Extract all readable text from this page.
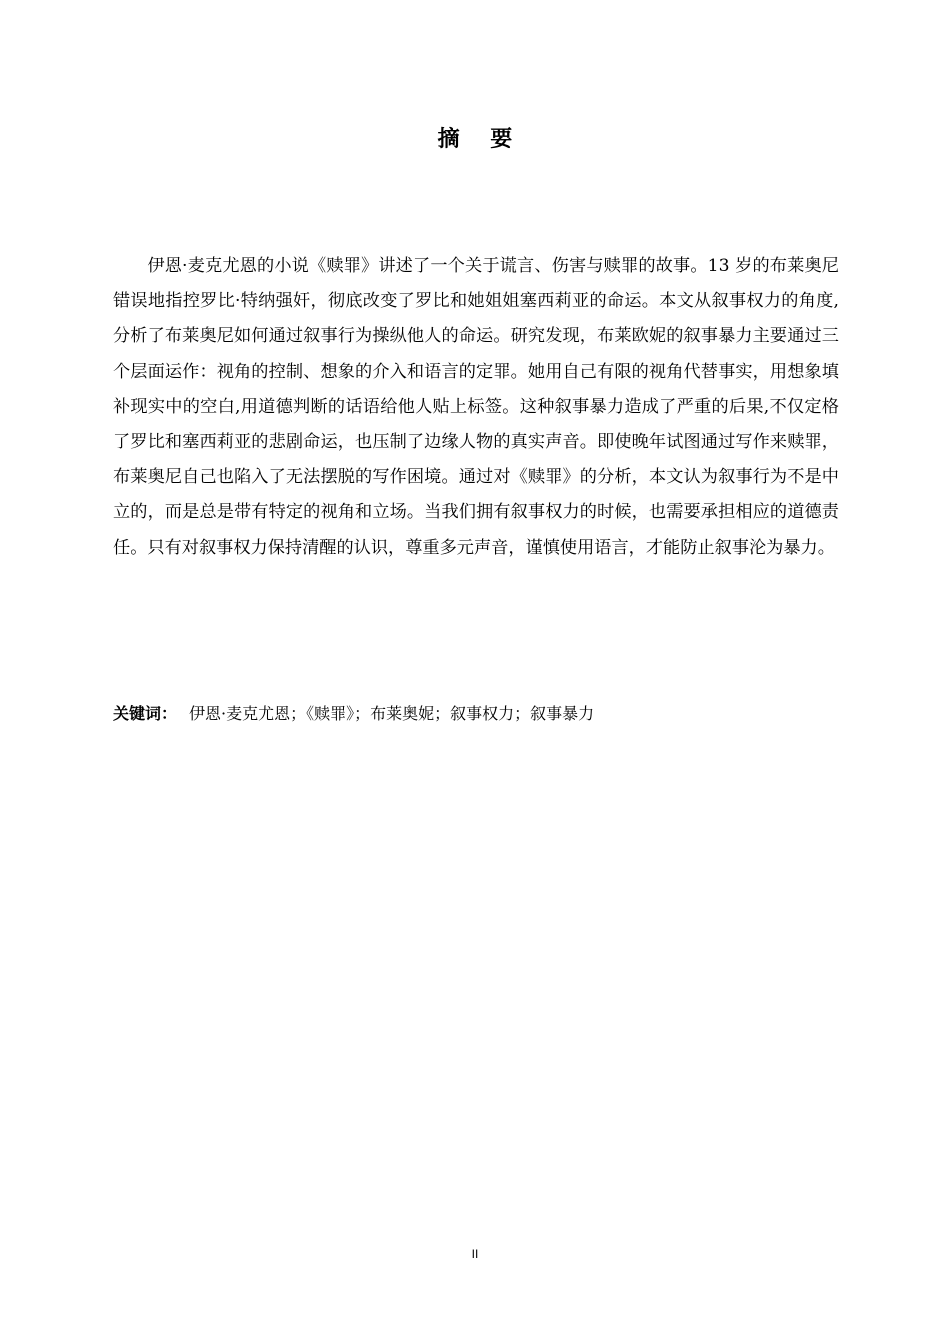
摘    要

伊恩·麦克尤恩的小说《赎罪》讲述了一个关于谎言、伤害与赎罪的故事。13 岁的布莱奥尼错误地指控罗比·特纳强奸，彻底改变了罗比和她姐姐塞西莉亚的命运。本文从叙事权力的角度,分析了布莱奥尼如何通过叙事行为操纵他人的命运。研究发现，布莱欧妮的叙事暴力主要通过三个层面运作：视角的控制、想象的介入和语言的定罪。她用自己有限的视角代替事实，用想象填补现实中的空白,用道德判断的话语给他人贴上标签。这种叙事暴力造成了严重的后果,不仅定格了罗比和塞西莉亚的悲剧命运，也压制了边缘人物的真实声音。即使晚年试图通过写作来赎罪，布莱奥尼自己也陷入了无法摆脱的写作困境。通过对《赎罪》的分析，本文认为叙事行为不是中立的，而是总是带有特定的视角和立场。当我们拥有叙事权力的时候，也需要承担相应的道德责任。只有对叙事权力保持清醒的认识，尊重多元声音，谨慎使用语言，才能防止叙事沦为暴力。

关键词： 伊恩·麦克尤恩；《赎罪》；布莱奥妮；叙事权力；叙事暴力

II
